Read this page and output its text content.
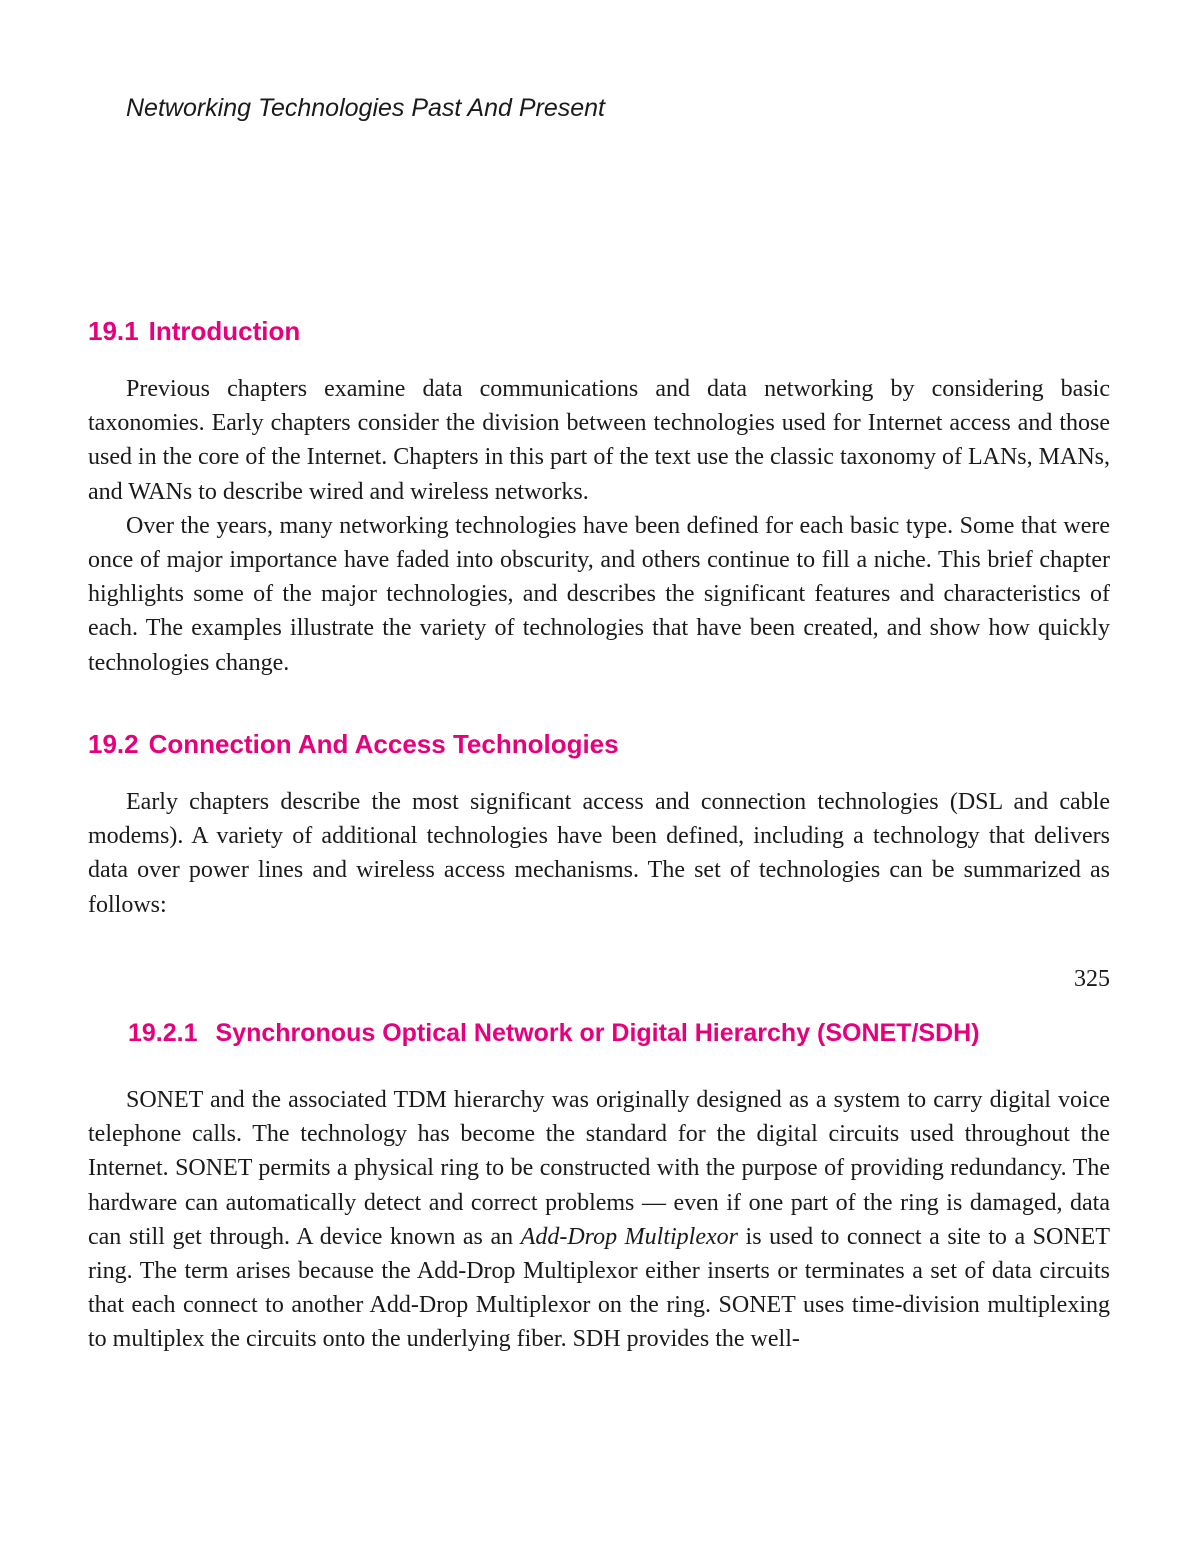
Networking Technologies Past And Present
19.1 Introduction

Previous chapters examine data communications and data networking by considering basic taxonomies. Early chapters consider the division between technologies used for Internet access and those used in the core of the Internet. Chapters in this part of the text use the classic taxonomy of LANs, MANs, and WANs to describe wired and wireless networks.

Over the years, many networking technologies have been defined for each basic type. Some that were once of major importance have faded into obscurity, and others continue to fill a niche. This brief chapter highlights some of the major technologies, and describes the significant features and characteristics of each. The examples illustrate the variety of technologies that have been created, and show how quickly technologies change.

19.2 Connection And Access Technologies

Early chapters describe the most significant access and connection technologies (DSL and cable modems). A variety of additional technologies have been defined, including a technology that delivers data over power lines and wireless access mechanisms. The set of technologies can be summarized as follows:

325
19.2.1 Synchronous Optical Network or Digital Hierarchy (SONET/SDH)

SONET and the associated TDM hierarchy was originally designed as a system to carry digital voice telephone calls. The technology has become the standard for the digital circuits used throughout the Internet. SONET permits a physical ring to be constructed with the purpose of providing redundancy. The hardware can automatically detect and correct problems — even if one part of the ring is damaged, data can still get through. A device known as an Add-Drop Multiplexor is used to connect a site to a SONET ring. The term arises because the Add-Drop Multiplexor either inserts or terminates a set of data circuits that each connect to another Add-Drop Multiplexor on the ring. SONET uses time-division multiplexing to multiplex the circuits onto the underlying fiber. SDH provides the well-
